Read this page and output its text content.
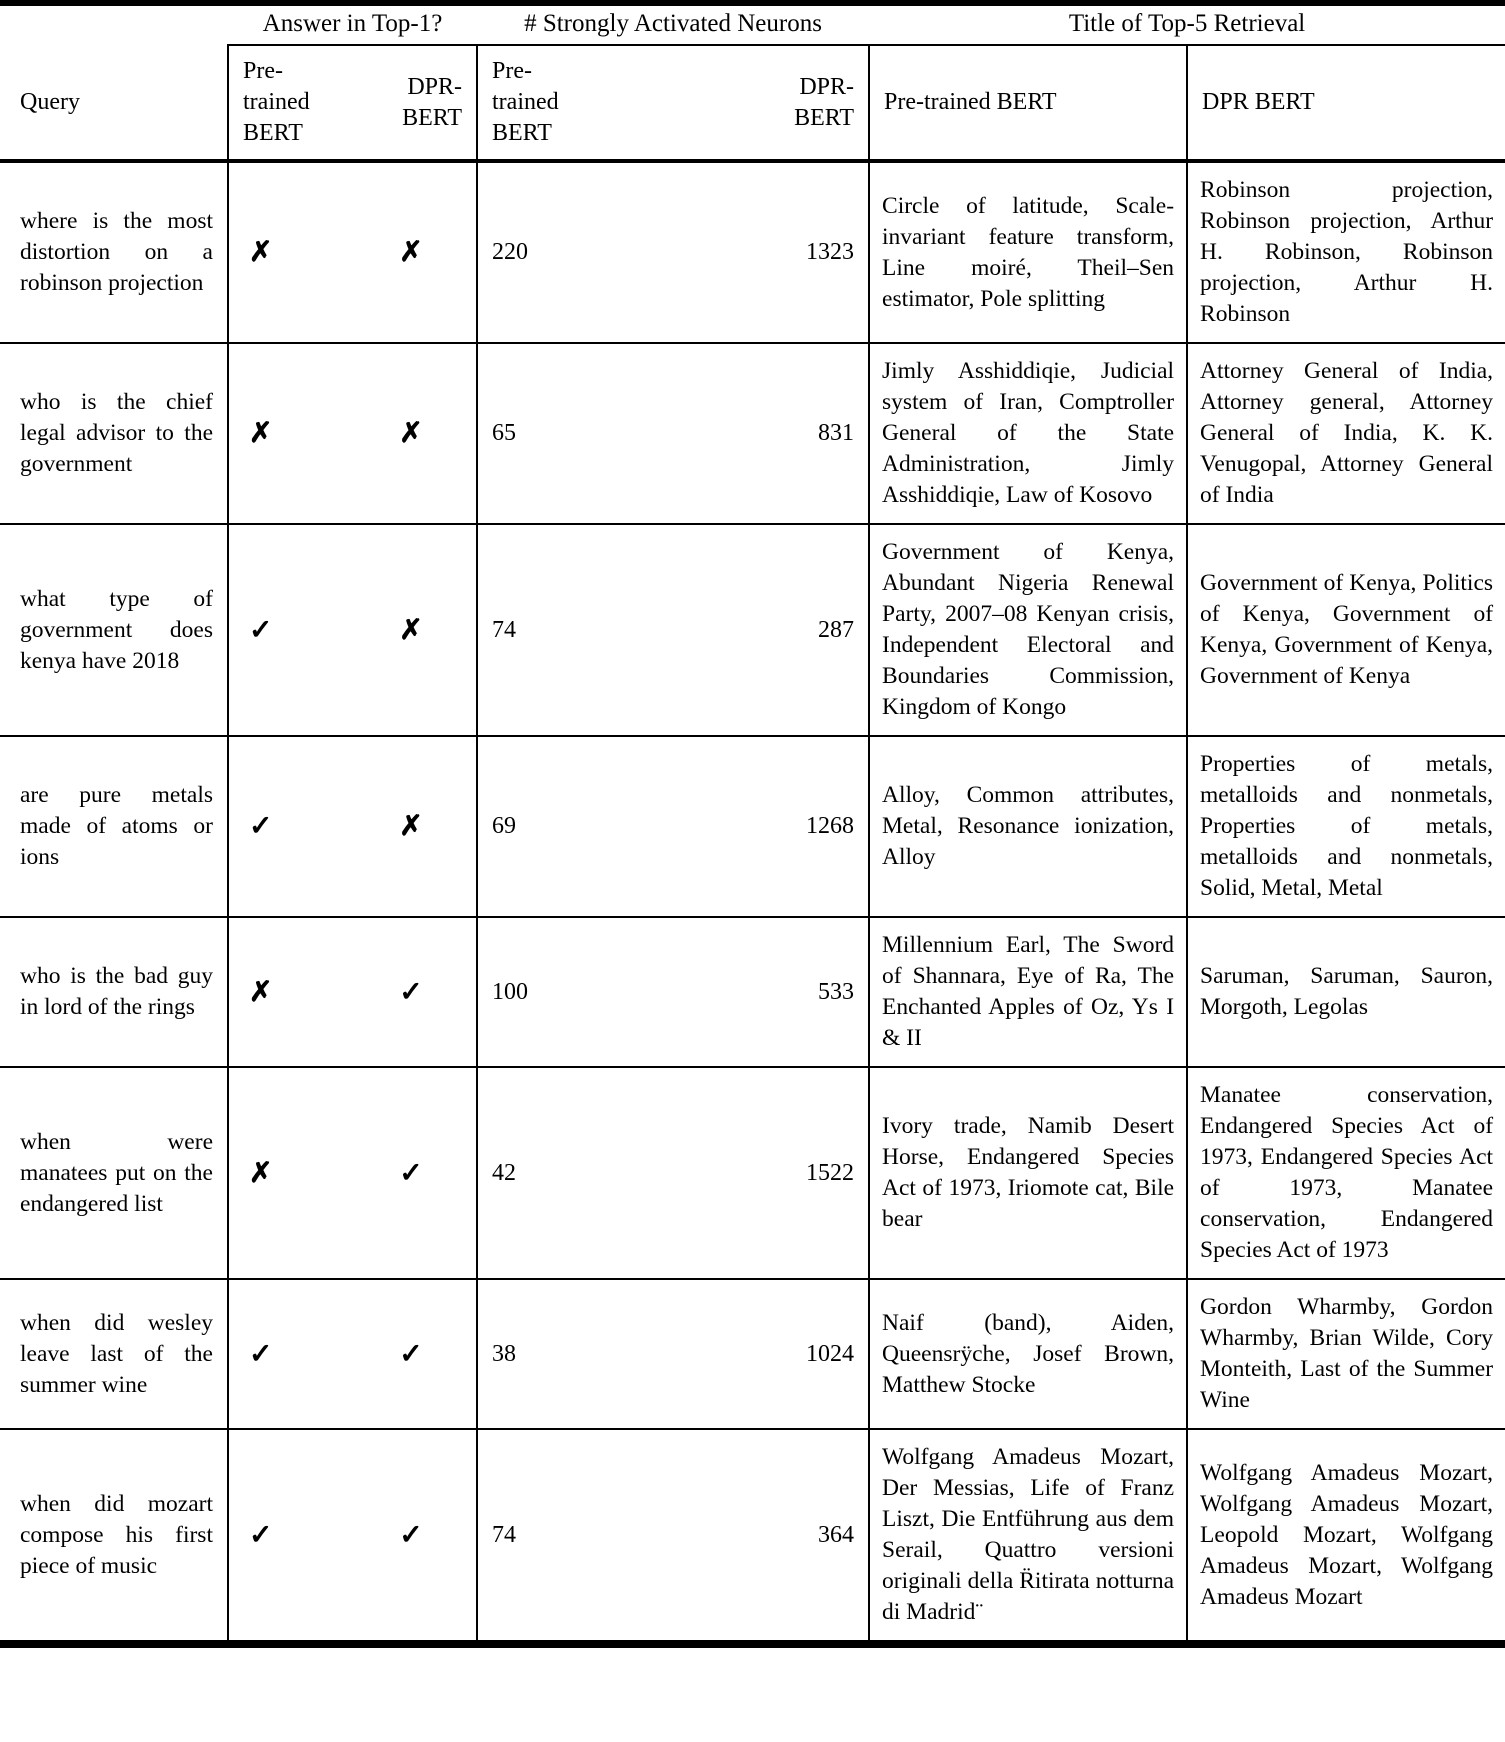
	Answer in Top-1?		# Strongly Activated Neurons		Title of Top-5 Retrieval	
Query	Pre-trained BERT	DPR-BERT	Pre-trained BERT	DPR-BERT	Pre-trained BERT	DPR BERT
where is the most distortion on a robinson projection	✗	✗	220	1323	Circle of latitude, Scale-invariant feature transform, Line moiré, Theil–Sen estimator, Pole splitting	Robinson projection, Robinson projection, Arthur H. Robinson, Robinson projection, Arthur H. Robinson
who is the chief legal advisor to the government	✗	✗	65	831	Jimly Asshiddiqie, Judicial system of Iran, Comptroller General of the State Administration, Jimly Asshiddiqie, Law of Kosovo	Attorney General of India, Attorney general, Attorney General of India, K. K. Venugopal, Attorney General of India
what type of government does kenya have 2018	✓	✗	74	287	Government of Kenya, Abundant Nigeria Renewal Party, 2007–08 Kenyan crisis, Independent Electoral and Boundaries Commission, Kingdom of Kongo	Government of Kenya, Politics of Kenya, Government of Kenya, Government of Kenya, Government of Kenya
are pure metals made of atoms or ions	✓	✗	69	1268	Alloy, Common attributes, Metal, Resonance ionization, Alloy	Properties of metals, metalloids and nonmetals, Properties of metals, metalloids and nonmetals, Solid, Metal, Metal
who is the bad guy in lord of the rings	✗	✓	100	533	Millennium Earl, The Sword of Shannara, Eye of Ra, The Enchanted Apples of Oz, Ys I & II	Saruman, Saruman, Sauron, Morgoth, Legolas
when were manatees put on the endangered list	✗	✓	42	1522	Ivory trade, Namib Desert Horse, Endangered Species Act of 1973, Iriomote cat, Bile bear	Manatee conservation, Endangered Species Act of 1973, Endangered Species Act of 1973, Manatee conservation, Endangered Species Act of 1973
when did wesley leave last of the summer wine	✓	✓	38	1024	Naif (band), Aiden, Queensrÿche, Josef Brown, Matthew Stocke	Gordon Wharmby, Gordon Wharmby, Brian Wilde, Cory Monteith, Last of the Summer Wine
when did mozart compose his first piece of music	✓	✓	74	364	Wolfgang Amadeus Mozart, Der Messias, Life of Franz Liszt, Die Entführung aus dem Serail, Quattro versioni originali della R̈itirata notturna di Madrid¨	Wolfgang Amadeus Mozart, Wolfgang Amadeus Mozart, Leopold Mozart, Wolfgang Amadeus Mozart, Wolfgang Amadeus Mozart
